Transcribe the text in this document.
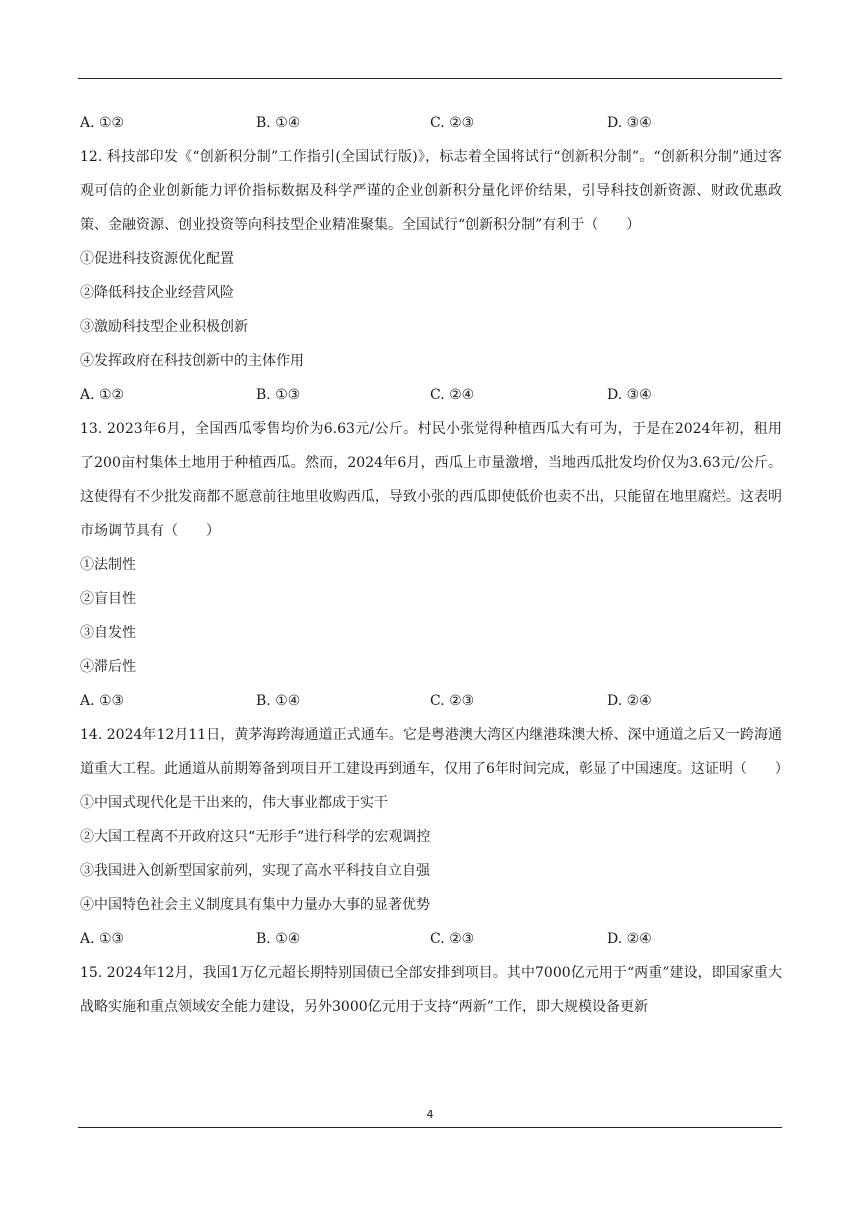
A. ①②	B. ①④	C. ②③	D. ③④
12. 科技部印发《“创新积分制”工作指引(全国试行版)》，标志着全国将试行“创新积分制”。“创新积分制”通过客观可信的企业创新能力评价指标数据及科学严谨的企业创新积分量化评价结果，引导科技创新资源、财政优惠政策、金融资源、创业投资等向科技型企业精准聚集。全国试行“创新积分制”有利于（　　）
①促进科技资源优化配置
②降低科技企业经营风险
③激励科技型企业积极创新
④发挥政府在科技创新中的主体作用
A. ①②	B. ①③	C. ②④	D. ③④
13. 2023年6月，全国西瓜零售均价为6.63元/公斤。村民小张觉得种植西瓜大有可为，于是在2024年初，租用了200亩村集体土地用于种植西瓜。然而，2024年6月，西瓜上市量激增，当地西瓜批发均价仅为3.63元/公斤。这使得有不少批发商都不愿意前往地里收购西瓜，导致小张的西瓜即使低价也卖不出，只能留在地里腐烂。这表明市场调节具有（　　）
①法制性
②盲目性
③自发性
④滞后性
A. ①③	B. ①④	C. ②③	D. ②④
14. 2024年12月11日，黄茅海跨海通道正式通车。它是粤港澳大湾区内继港珠澳大桥、深中通道之后又一跨海通道重大工程。此通道从前期筹备到项目开工建设再到通车，仅用了6年时间完成，彰显了中国速度。这证明（　　）
①中国式现代化是干出来的，伟大事业都成于实干
②大国工程离不开政府这只“无形手”进行科学的宏观调控
③我国进入创新型国家前列，实现了高水平科技自立自强
④中国特色社会主义制度具有集中力量办大事的显著优势
A. ①③	B. ①④	C. ②③	D. ②④
15. 2024年12月，我国1万亿元超长期特别国债已全部安排到项目。其中7000亿元用于“两重”建设，即国家重大战略实施和重点领域安全能力建设，另外3000亿元用于支持“两新”工作，即大规模设备更新
4
